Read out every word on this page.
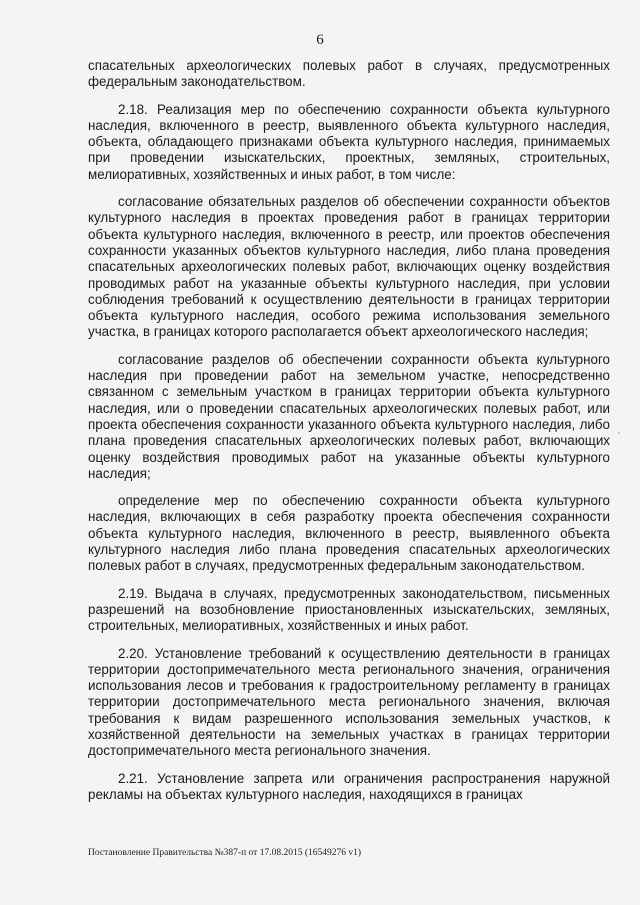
6

спасательных археологических полевых работ в случаях, предусмотренных федеральным законодательством.

2.18. Реализация мер по обеспечению сохранности объекта культурного наследия, включенного в реестр, выявленного объекта культурного наследия, объекта, обладающего признаками объекта культурного наследия, принимаемых при проведении изыскательских, проектных, земляных, строительных, мелиоративных, хозяйственных и иных работ, в том числе:

согласование обязательных разделов об обеспечении сохранности объектов культурного наследия в проектах проведения работ в границах территории объекта культурного наследия, включенного в реестр, или проектов обеспечения сохранности указанных объектов культурного наследия, либо плана проведения спасательных археологических полевых работ, включающих оценку воздействия проводимых работ на указанные объекты культурного наследия, при условии соблюдения требований к осуществлению деятельности в границах территории объекта культурного наследия, особого режима использования земельного участка, в границах которого располагается объект археологического наследия;

согласование разделов об обеспечении сохранности объекта культурного наследия при проведении работ на земельном участке, непосредственно связанном с земельным участком в границах территории объекта культурного наследия, или о проведении спасательных археологических полевых работ, или проекта обеспечения сохранности указанного объекта культурного наследия, либо плана проведения спасательных археологических полевых работ, включающих оценку воздействия проводимых работ на указанные объекты культурного наследия;

определение мер по обеспечению сохранности объекта культурного наследия, включающих в себя разработку проекта обеспечения сохранности объекта культурного наследия, включенного в реестр, выявленного объекта культурного наследия либо плана проведения спасательных археологических полевых работ в случаях, предусмотренных федеральным законодательством.

2.19. Выдача в случаях, предусмотренных законодательством, письменных разрешений на возобновление приостановленных изыскательских, земляных, строительных, мелиоративных, хозяйственных и иных работ.

2.20. Установление требований к осуществлению деятельности в границах территории достопримечательного места регионального значения, ограничения использования лесов и требования к градостроительному регламенту в границах территории достопримечательного места регионального значения, включая требования к видам разрешенного использования земельных участков, к хозяйственной деятельности на земельных участках в границах территории достопримечательного места регионального значения.

2.21. Установление запрета или ограничения распространения наружной рекламы на объектах культурного наследия, находящихся в границах

·
Постановление Правительства №387-п от 17.08.2015 (16549276 v1)
